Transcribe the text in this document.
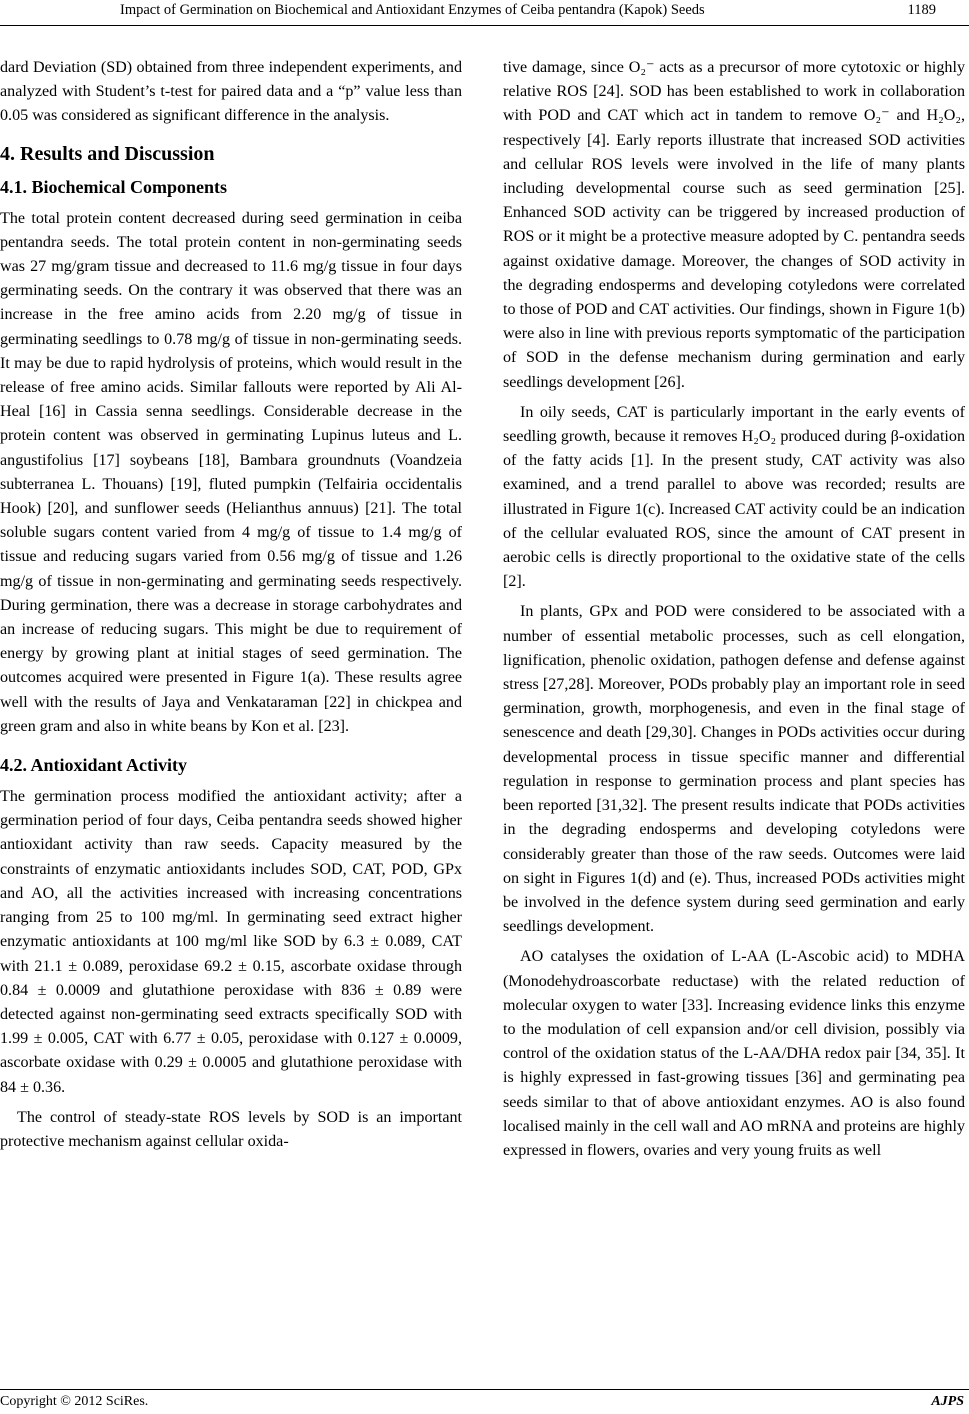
Impact of Germination on Biochemical and Antioxidant Enzymes of Ceiba pentandra (Kapok) Seeds	1189

dard Deviation (SD) obtained from three independent experiments, and analyzed with Student’s t-test for paired data and a “p” value less than 0.05 was considered as significant difference in the analysis.

4. Results and Discussion
4.1. Biochemical Components

The total protein content decreased during seed germination in ceiba pentandra seeds. The total protein content in non-germinating seeds was 27 mg/gram tissue and decreased to 11.6 mg/g tissue in four days germinating seeds. On the contrary it was observed that there was an increase in the free amino acids from 2.20 mg/g of tissue in germinating seedlings to 0.78 mg/g of tissue in non-germinating seeds. It may be due to rapid hydrolysis of proteins, which would result in the release of free amino acids. Similar fallouts were reported by Ali Al-Heal [16] in Cassia senna seedlings. Considerable decrease in the protein content was observed in germinating Lupinus luteus and L. angustifolius [17] soybeans [18], Bambara groundnuts (Voandzeia subterranea L. Thouans) [19], fluted pumpkin (Telfairia occidentalis Hook) [20], and sunflower seeds (Helianthus annuus) [21]. The total soluble sugars content varied from 4 mg/g of tissue to 1.4 mg/g of tissue and reducing sugars varied from 0.56 mg/g of tissue and 1.26 mg/g of tissue in non-germinating and germinating seeds respectively. During germination, there was a decrease in storage carbohydrates and an increase of reducing sugars. This might be due to requirement of energy by growing plant at initial stages of seed germination. The outcomes acquired were presented in Figure 1(a). These results agree well with the results of Jaya and Venkataraman [22] in chickpea and green gram and also in white beans by Kon et al. [23].

4.2. Antioxidant Activity

The germination process modified the antioxidant activity; after a germination period of four days, Ceiba pentandra seeds showed higher antioxidant activity than raw seeds. Capacity measured by the constraints of enzymatic antioxidants includes SOD, CAT, POD, GPx and AO, all the activities increased with increasing concentrations ranging from 25 to 100 mg/ml. In germinating seed extract higher enzymatic antioxidants at 100 mg/ml like SOD by 6.3 ± 0.089, CAT with 21.1 ± 0.089, peroxidase 69.2 ± 0.15, ascorbate oxidase through 0.84 ± 0.0009 and glutathione peroxidase with 836 ± 0.89 were detected against non-germinating seed extracts specifically SOD with 1.99 ± 0.005, CAT with 6.77 ± 0.05, peroxidase with 0.127 ± 0.0009, ascorbate oxidase with 0.29 ± 0.0005 and glutathione peroxidase with 84 ± 0.36.

The control of steady-state ROS levels by SOD is an important protective mechanism against cellular oxida-

tive damage, since O₂⁻ acts as a precursor of more cytotoxic or highly relative ROS [24]. SOD has been established to work in collaboration with POD and CAT which act in tandem to remove O₂⁻ and H₂O₂, respectively [4]. Early reports illustrate that increased SOD activities and cellular ROS levels were involved in the life of many plants including developmental course such as seed germination [25]. Enhanced SOD activity can be triggered by increased production of ROS or it might be a protective measure adopted by C. pentandra seeds against oxidative damage. Moreover, the changes of SOD activity in the degrading endosperms and developing cotyledons were correlated to those of POD and CAT activities. Our findings, shown in Figure 1(b) were also in line with previous reports symptomatic of the participation of SOD in the defense mechanism during germination and early seedlings development [26].

In oily seeds, CAT is particularly important in the early events of seedling growth, because it removes H₂O₂ produced during β-oxidation of the fatty acids [1]. In the present study, CAT activity was also examined, and a trend parallel to above was recorded; results are illustrated in Figure 1(c). Increased CAT activity could be an indication of the cellular evaluated ROS, since the amount of CAT present in aerobic cells is directly proportional to the oxidative state of the cells [2].

In plants, GPx and POD were considered to be associated with a number of essential metabolic processes, such as cell elongation, lignification, phenolic oxidation, pathogen defense and defense against stress [27,28]. Moreover, PODs probably play an important role in seed germination, growth, morphogenesis, and even in the final stage of senescence and death [29,30]. Changes in PODs activities occur during developmental process in tissue specific manner and differential regulation in response to germination process and plant species has been reported [31,32]. The present results indicate that PODs activities in the degrading endosperms and developing cotyledons were considerably greater than those of the raw seeds. Outcomes were laid on sight in Figures 1(d) and (e). Thus, increased PODs activities might be involved in the defence system during seed germination and early seedlings development.

AO catalyses the oxidation of L-AA (L-Ascobic acid) to MDHA (Monodehydroascorbate reductase) with the related reduction of molecular oxygen to water [33]. Increasing evidence links this enzyme to the modulation of cell expansion and/or cell division, possibly via control of the oxidation status of the L-AA/DHA redox pair [34, 35]. It is highly expressed in fast-growing tissues [36] and germinating pea seeds similar to that of above antioxidant enzymes. AO is also found localised mainly in the cell wall and AO mRNA and proteins are highly expressed in flowers, ovaries and very young fruits as well

Copyright © 2012 SciRes.	AJPS
